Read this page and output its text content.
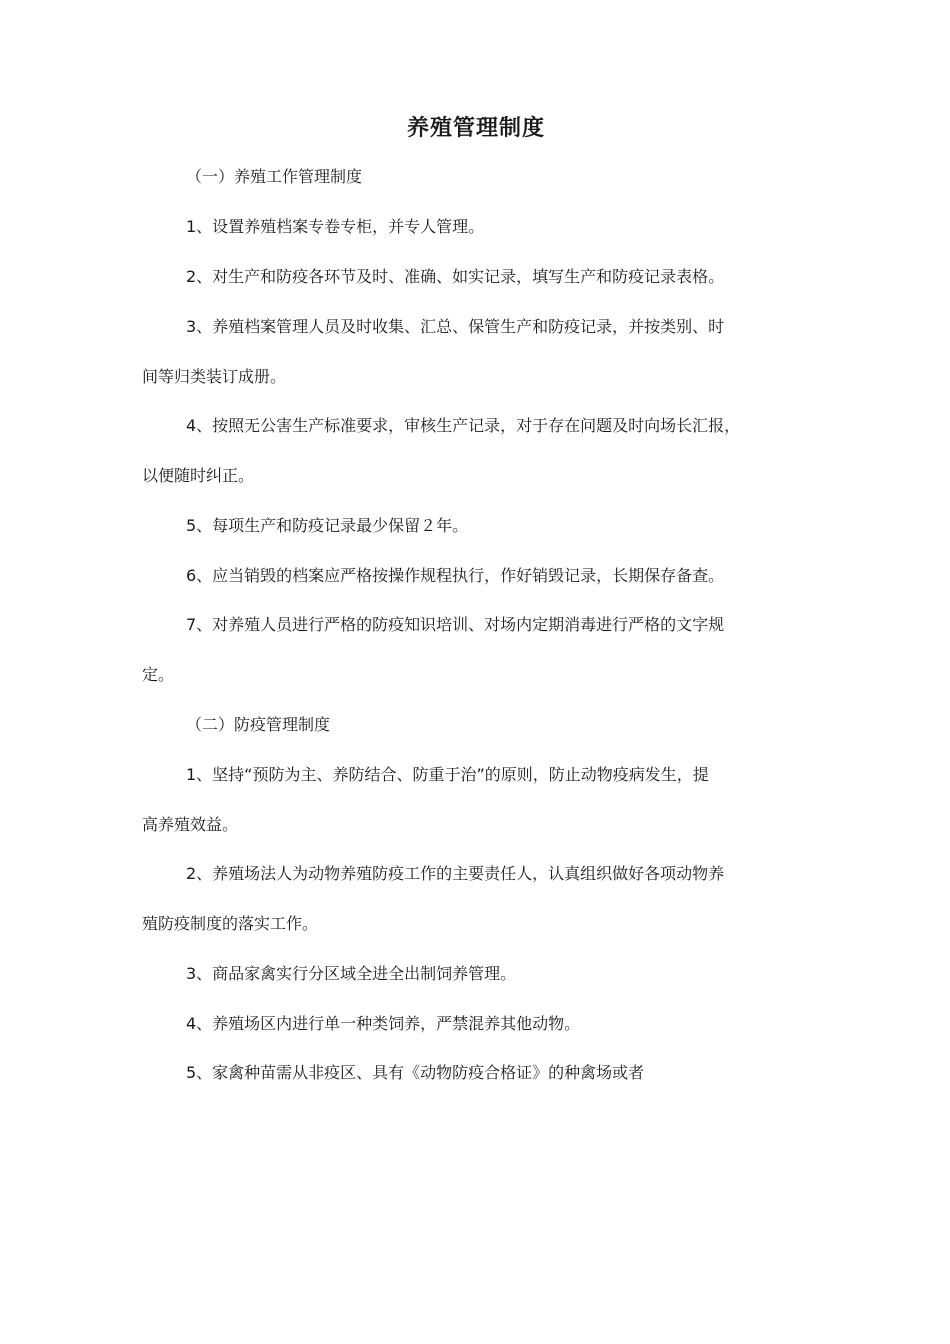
养殖管理制度

（一）养殖工作管理制度

1、设置养殖档案专卷专柜，并专人管理。

2、对生产和防疫各环节及时、准确、如实记录，填写生产和防疫记录表格。

3、养殖档案管理人员及时收集、汇总、保管生产和防疫记录，并按类别、时

间等归类装订成册。

4、按照无公害生产标准要求，审核生产记录，对于存在问题及时向场长汇报，

以便随时纠正。

5、每项生产和防疫记录最少保留２年。

6、应当销毁的档案应严格按操作规程执行，作好销毁记录，长期保存备查。

7、对养殖人员进行严格的防疫知识培训、对场内定期消毒进行严格的文字规

定。

（二）防疫管理制度

1、坚持“预防为主、养防结合、防重于治”的原则，防止动物疫病发生，提

高养殖效益。

2、养殖场法人为动物养殖防疫工作的主要责任人，认真组织做好各项动物养

殖防疫制度的落实工作。

3、商品家禽实行分区域全进全出制饲养管理。

4、养殖场区内进行单一种类饲养，严禁混养其他动物。

5、家禽种苗需从非疫区、具有《动物防疫合格证》的种禽场或者
